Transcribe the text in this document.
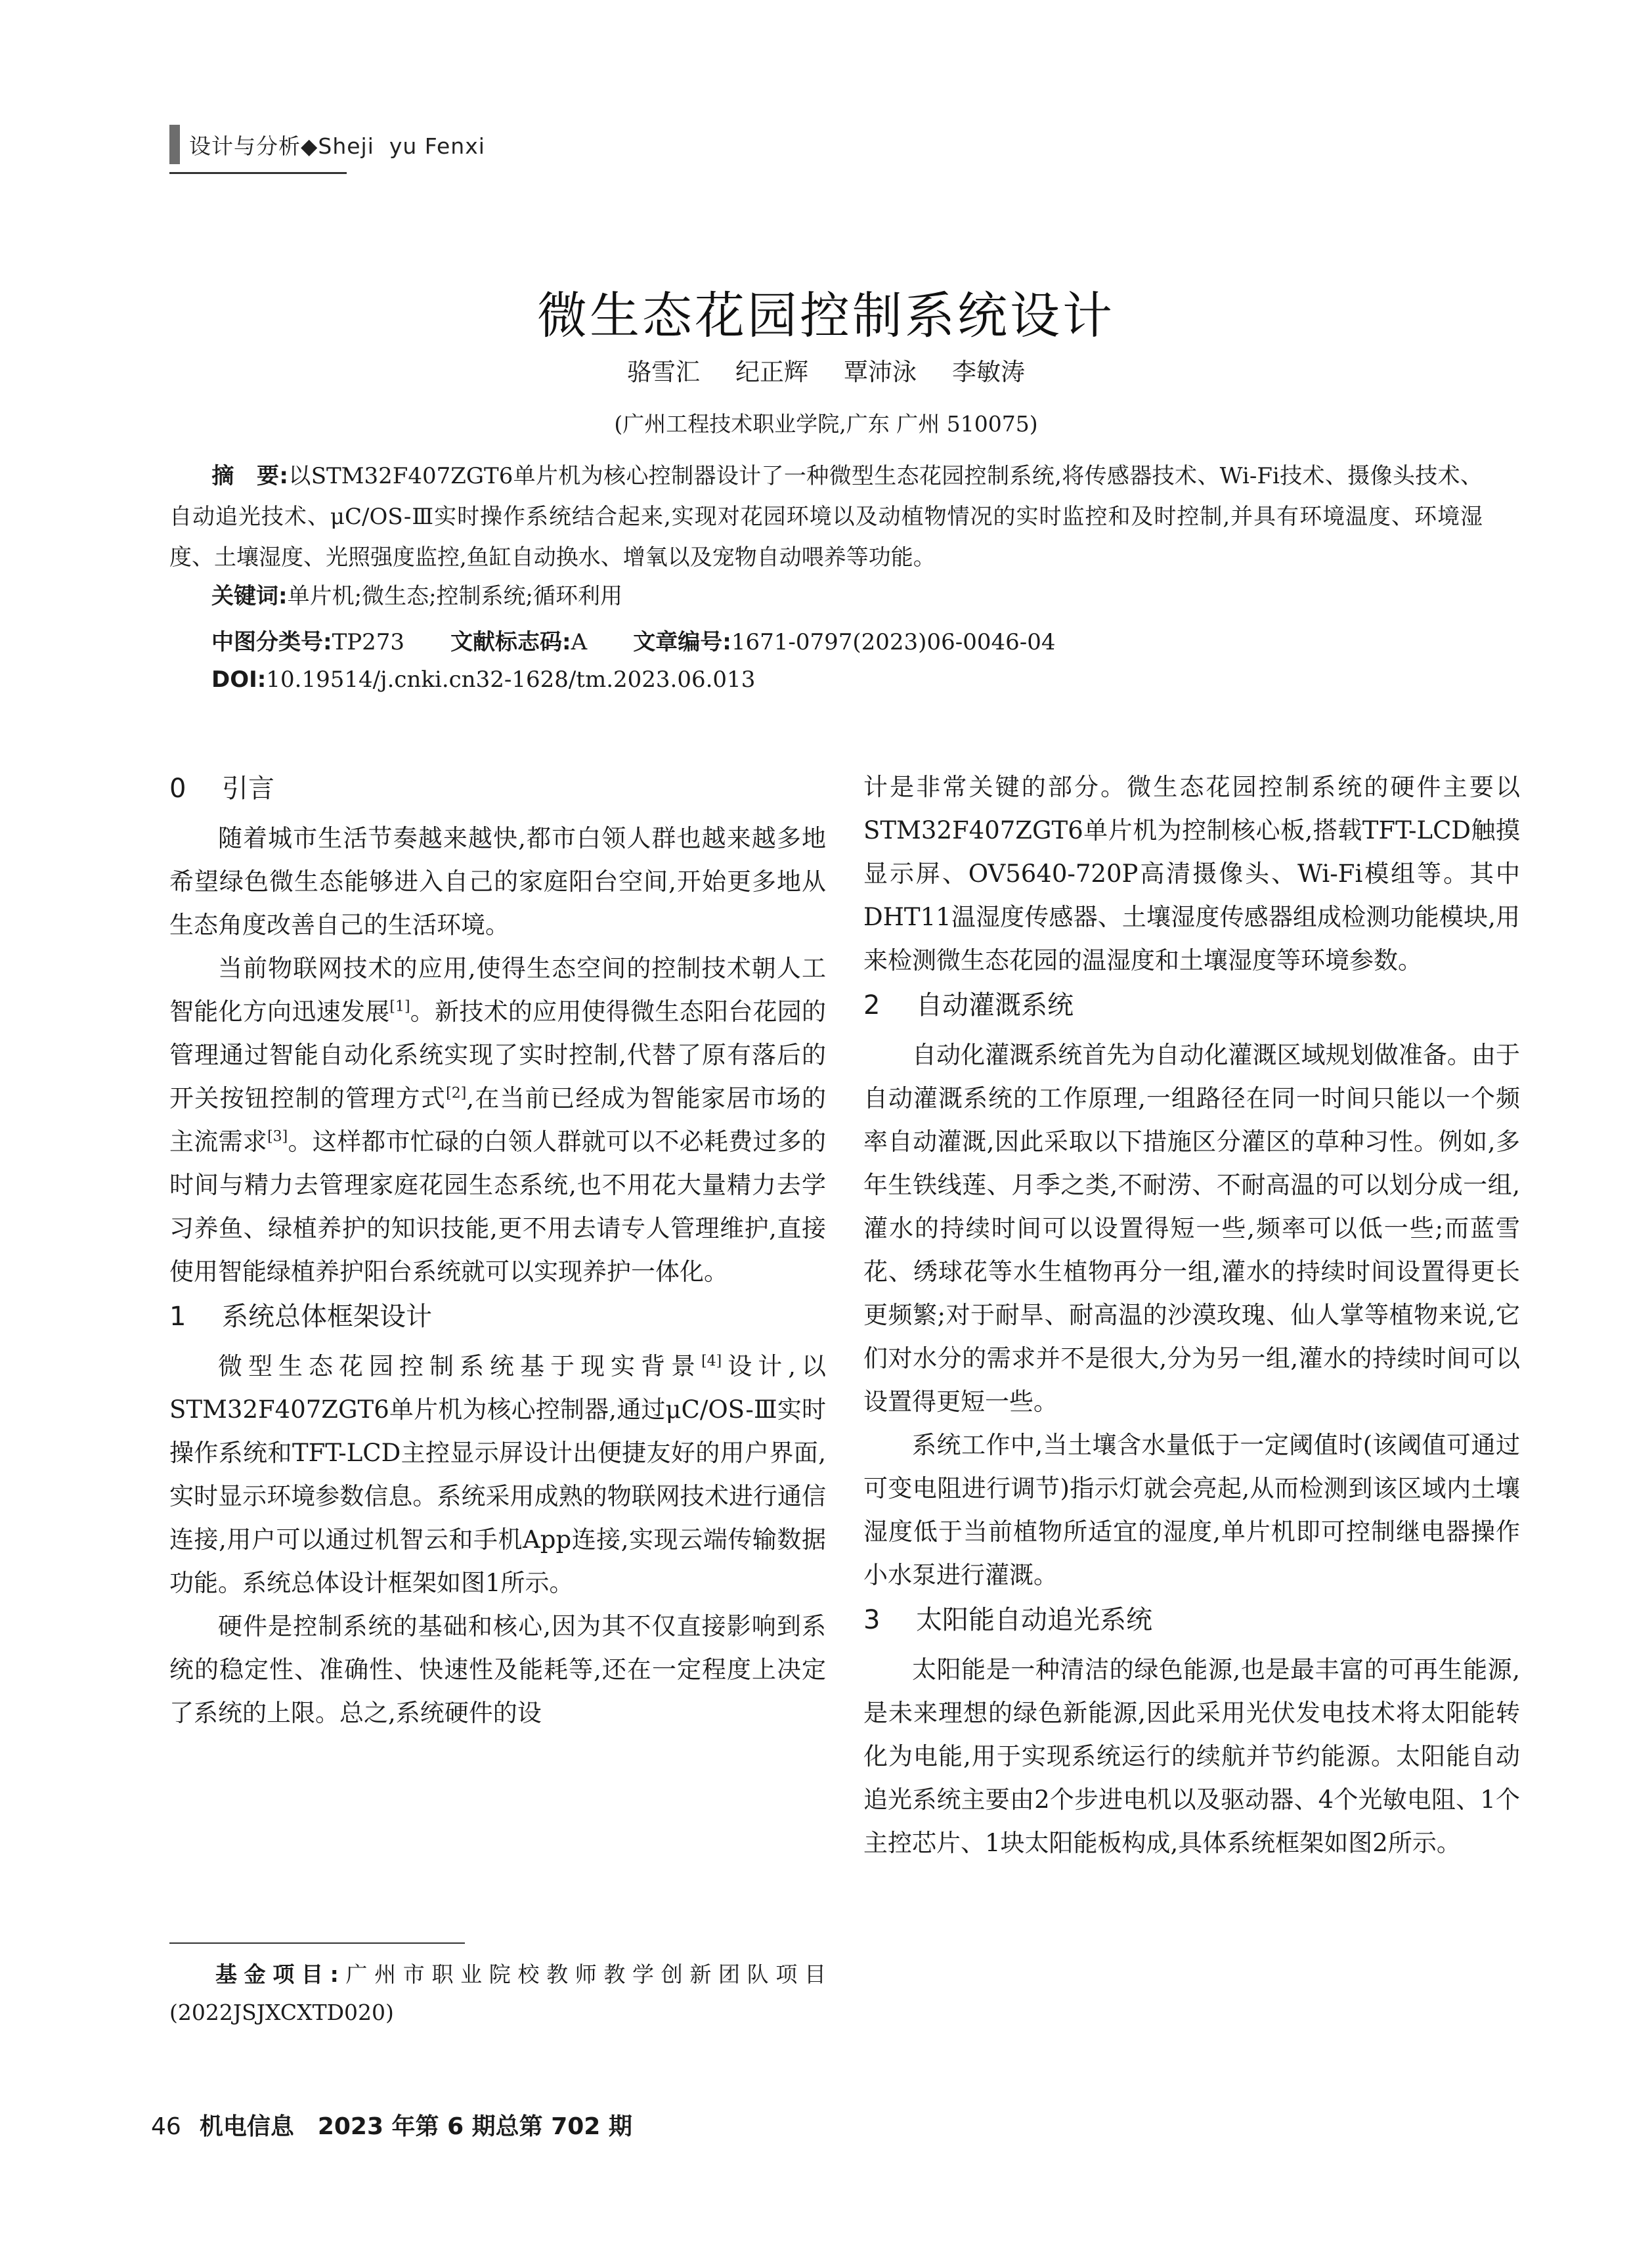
设计与分析◆Sheji  yu Fenxi
微生态花园控制系统设计
骆雪汇 纪正辉 覃沛泳 李敏涛
(广州工程技术职业学院,广东 广州 510075)
摘　要:以STM32F407ZGT6单片机为核心控制器设计了一种微型生态花园控制系统,将传感器技术、Wi-Fi技术、摄像头技术、自动追光技术、μC/OS-Ⅲ实时操作系统结合起来,实现对花园环境以及动植物情况的实时监控和及时控制,并具有环境温度、环境湿度、土壤湿度、光照强度监控,鱼缸自动换水、增氧以及宠物自动喂养等功能。
关键词:单片机;微生态;控制系统;循环利用
中图分类号:TP273 文献标志码:A 文章编号:1671-0797(2023)06-0046-04
DOI:10.19514/j.cnki.cn32-1628/tm.2023.06.013
0 引言

随着城市生活节奏越来越快,都市白领人群也越来越多地希望绿色微生态能够进入自己的家庭阳台空间,开始更多地从生态角度改善自己的生活环境。

当前物联网技术的应用,使得生态空间的控制技术朝人工智能化方向迅速发展[1]。新技术的应用使得微生态阳台花园的管理通过智能自动化系统实现了实时控制,代替了原有落后的开关按钮控制的管理方式[2],在当前已经成为智能家居市场的主流需求[3]。这样都市忙碌的白领人群就可以不必耗费过多的时间与精力去管理家庭花园生态系统,也不用花大量精力去学习养鱼、绿植养护的知识技能,更不用去请专人管理维护,直接使用智能绿植养护阳台系统就可以实现养护一体化。

1 系统总体框架设计

微型生态花园控制系统基于现实背景[4]设计,以STM32F407ZGT6单片机为核心控制器,通过μC/OS-Ⅲ实时操作系统和TFT-LCD主控显示屏设计出便捷友好的用户界面,实时显示环境参数信息。系统采用成熟的物联网技术进行通信连接,用户可以通过机智云和手机App连接,实现云端传输数据功能。系统总体设计框架如图1所示。

硬件是控制系统的基础和核心,因为其不仅直接影响到系统的稳定性、准确性、快速性及能耗等,还在一定程度上决定了系统的上限。总之,系统硬件的设

基金项目:广州市职业院校教师教学创新团队项目(2022JSJXCXTD020)

计是非常关键的部分。微生态花园控制系统的硬件主要以STM32F407ZGT6单片机为控制核心板,搭载TFT-LCD触摸显示屏、OV5640-720P高清摄像头、Wi-Fi模组等。其中DHT11温湿度传感器、土壤湿度传感器组成检测功能模块,用来检测微生态花园的温湿度和土壤湿度等环境参数。

2 自动灌溉系统

自动化灌溉系统首先为自动化灌溉区域规划做准备。由于自动灌溉系统的工作原理,一组路径在同一时间只能以一个频率自动灌溉,因此采取以下措施区分灌区的草种习性。例如,多年生铁线莲、月季之类,不耐涝、不耐高温的可以划分成一组,灌水的持续时间可以设置得短一些,频率可以低一些;而蓝雪花、绣球花等水生植物再分一组,灌水的持续时间设置得更长更频繁;对于耐旱、耐高温的沙漠玫瑰、仙人掌等植物来说,它们对水分的需求并不是很大,分为另一组,灌水的持续时间可以设置得更短一些。

系统工作中,当土壤含水量低于一定阈值时(该阈值可通过可变电阻进行调节)指示灯就会亮起,从而检测到该区域内土壤湿度低于当前植物所适宜的湿度,单片机即可控制继电器操作小水泵进行灌溉。

3 太阳能自动追光系统

太阳能是一种清洁的绿色能源,也是最丰富的可再生能源,是未来理想的绿色新能源,因此采用光伏发电技术将太阳能转化为电能,用于实现系统运行的续航并节约能源。太阳能自动追光系统主要由2个步进电机以及驱动器、4个光敏电阻、1个主控芯片、1块太阳能板构成,具体系统框架如图2所示。

46 机电信息　2023 年第 6 期总第 702 期
